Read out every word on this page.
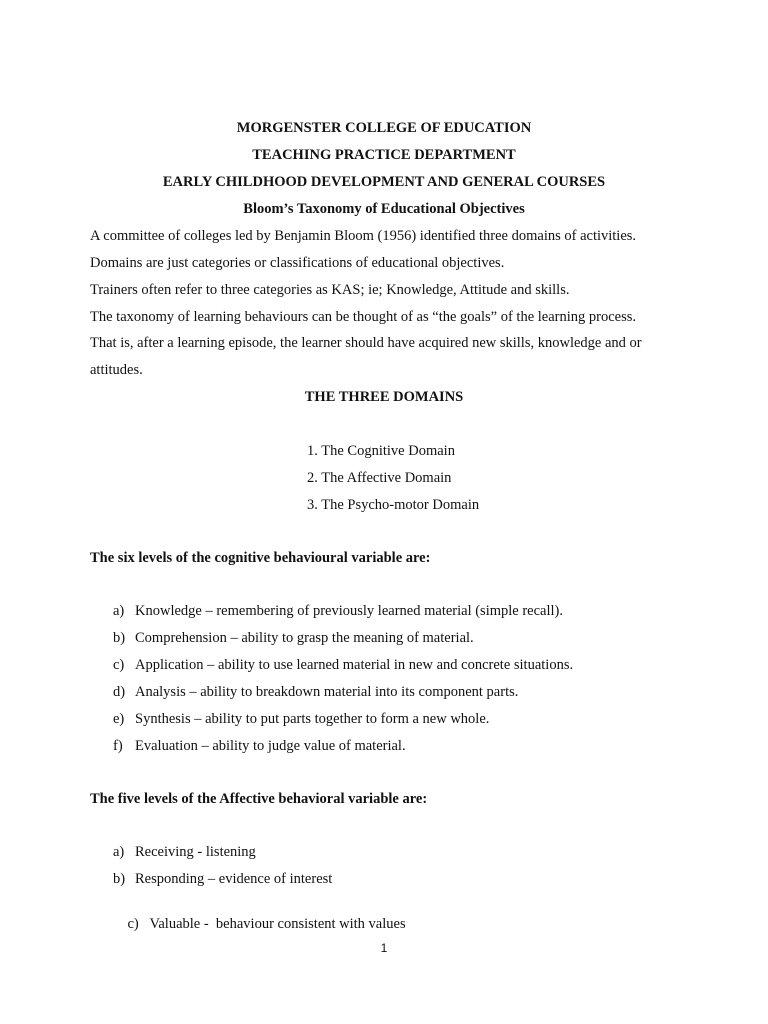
MORGENSTER COLLEGE OF EDUCATION
TEACHING PRACTICE DEPARTMENT
EARLY CHILDHOOD DEVELOPMENT AND GENERAL COURSES
Bloom’s Taxonomy of Educational Objectives
A committee of colleges led by Benjamin Bloom (1956) identified three domains of activities.
Domains are just categories or classifications of educational objectives.
Trainers often refer to three categories as KAS; ie; Knowledge, Attitude and skills.
The taxonomy of learning behaviours can be thought of as “the goals” of the learning process.
That is, after a learning episode, the learner should have acquired new skills, knowledge and or
attitudes.
THE THREE DOMAINS
1. The Cognitive Domain
2. The Affective Domain
3. The Psycho-motor Domain
The six levels of the cognitive behavioural variable are:
a) Knowledge – remembering of previously learned material (simple recall).
b) Comprehension – ability to grasp the meaning of material.
c) Application – ability to use learned material in new and concrete situations.
d) Analysis – ability to breakdown material into its component parts.
e) Synthesis – ability to put parts together to form a new whole.
f) Evaluation – ability to judge value of material.
The five levels of the Affective behavioral variable are:
a) Receiving - listening
b) Responding – evidence of interest

c) Valuable -  behaviour consistent with values

1
